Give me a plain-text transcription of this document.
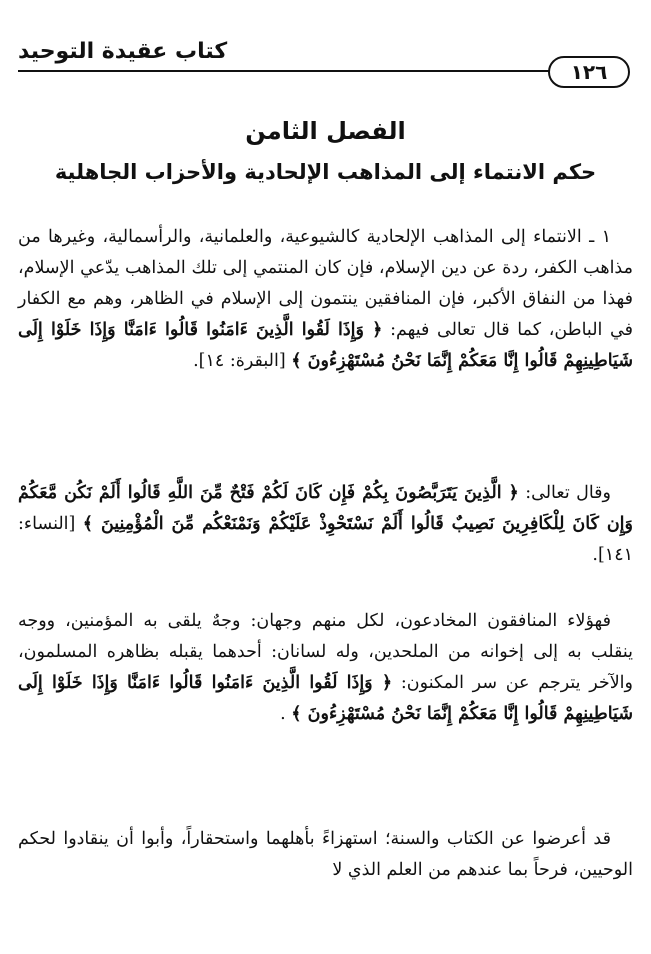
كتاب عقيدة التوحيد
١٢٦
الفصل الثامن
حكم الانتماء إلى المذاهب الإلحادية والأحزاب الجاهلية

١ ـ الانتماء إلى المذاهب الإلحادية كالشيوعية، والعلمانية، والرأسمالية، وغيرها من مذاهب الكفر، ردة عن دين الإسلام، فإن كان المنتمي إلى تلك المذاهب يدّعي الإسلام، فهذا من النفاق الأكبر، فإن المنافقين ينتمون إلى الإسلام في الظاهر، وهم مع الكفار في الباطن، كما قال تعالى فيهم: ﴿ وَإِذَا لَقُوا الَّذِينَ ءَامَنُوا قَالُوا ءَامَنَّا وَإِذَا خَلَوْا إِلَى شَيَاطِينِهِمْ قَالُوا إِنَّا مَعَكُمْ إِنَّمَا نَحْنُ مُسْتَهْزِءُونَ ﴾ [البقرة: ١٤].

وقال تعالى: ﴿ الَّذِينَ يَتَرَبَّصُونَ بِكُمْ فَإِن كَانَ لَكُمْ فَتْحٌ مِّنَ اللَّهِ قَالُوا أَلَمْ نَكُن مَّعَكُمْ وَإِن كَانَ لِلْكَافِرِينَ نَصِيبٌ قَالُوا أَلَمْ نَسْتَحْوِذْ عَلَيْكُمْ وَنَمْنَعْكُم مِّنَ الْمُؤْمِنِينَ ﴾ [النساء: ١٤١].

فهؤلاء المنافقون المخادعون، لكل منهم وجهان: وجهٌ يلقى به المؤمنين، ووجه ينقلب به إلى إخوانه من الملحدين، وله لسانان: أحدهما يقبله بظاهره المسلمون، والآخر يترجم عن سر المكنون: ﴿ وَإِذَا لَقُوا الَّذِينَ ءَامَنُوا قَالُوا ءَامَنَّا وَإِذَا خَلَوْا إِلَى شَيَاطِينِهِمْ قَالُوا إِنَّا مَعَكُمْ إِنَّمَا نَحْنُ مُسْتَهْزِءُونَ ﴾ .

قد أعرضوا عن الكتاب والسنة؛ استهزاءً بأهلهما واستحقاراً، وأبوا أن ينقادوا لحكم الوحيين، فرحاً بما عندهم من العلم الذي لا
